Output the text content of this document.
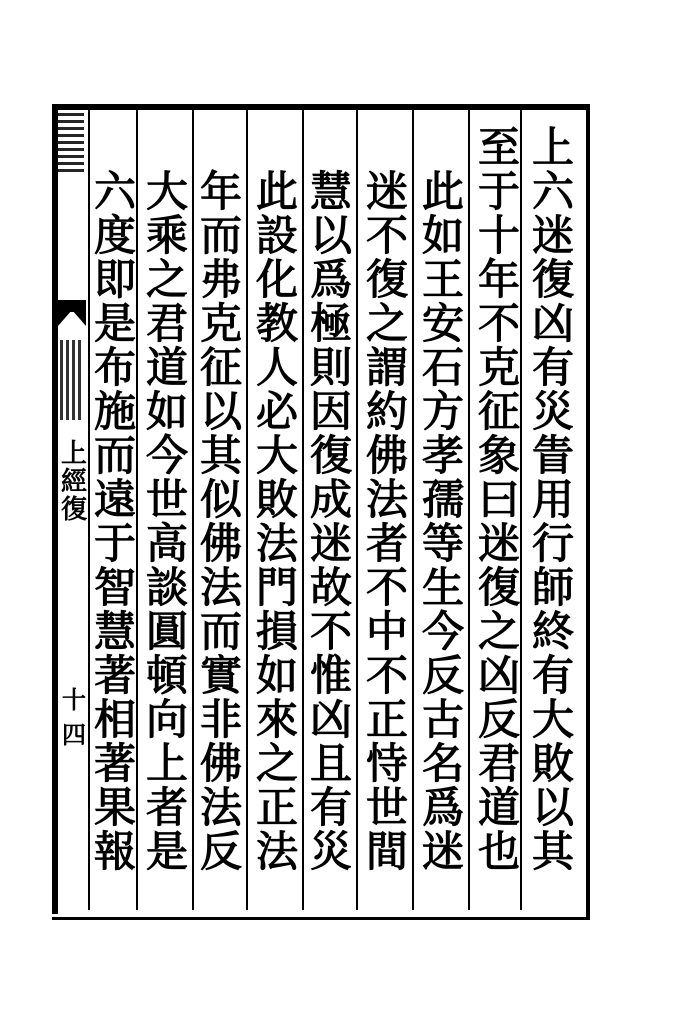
上
經
復
十四
上
六
迷
復
凶
有
災
眚
用
行
師
終
有
大
敗
以
其
至
于
十
年
不
克
征
象
曰
迷
復
之
凶
反
君
道
也
此
如
王
安
石
方
孝
孺
等
生
今
反
古
名
爲
迷
迷
不
復
之
謂
約
佛
法
者
不
中
不
正
恃
世
間
慧
以
爲
極
則
因
復
成
迷
故
不
惟
凶
且
有
災
此
設
化
教
人
必
大
敗
法
門
損
如
來
之
正
法
年
而
弗
克
征
以
其
似
佛
法
而
實
非
佛
法
反
大
乘
之
君
道
如
今
世
高
談
圓
頓
向
上
者
是
六
度
即
是
布
施
而
遠
于
智
慧
著
相
著
果
報
